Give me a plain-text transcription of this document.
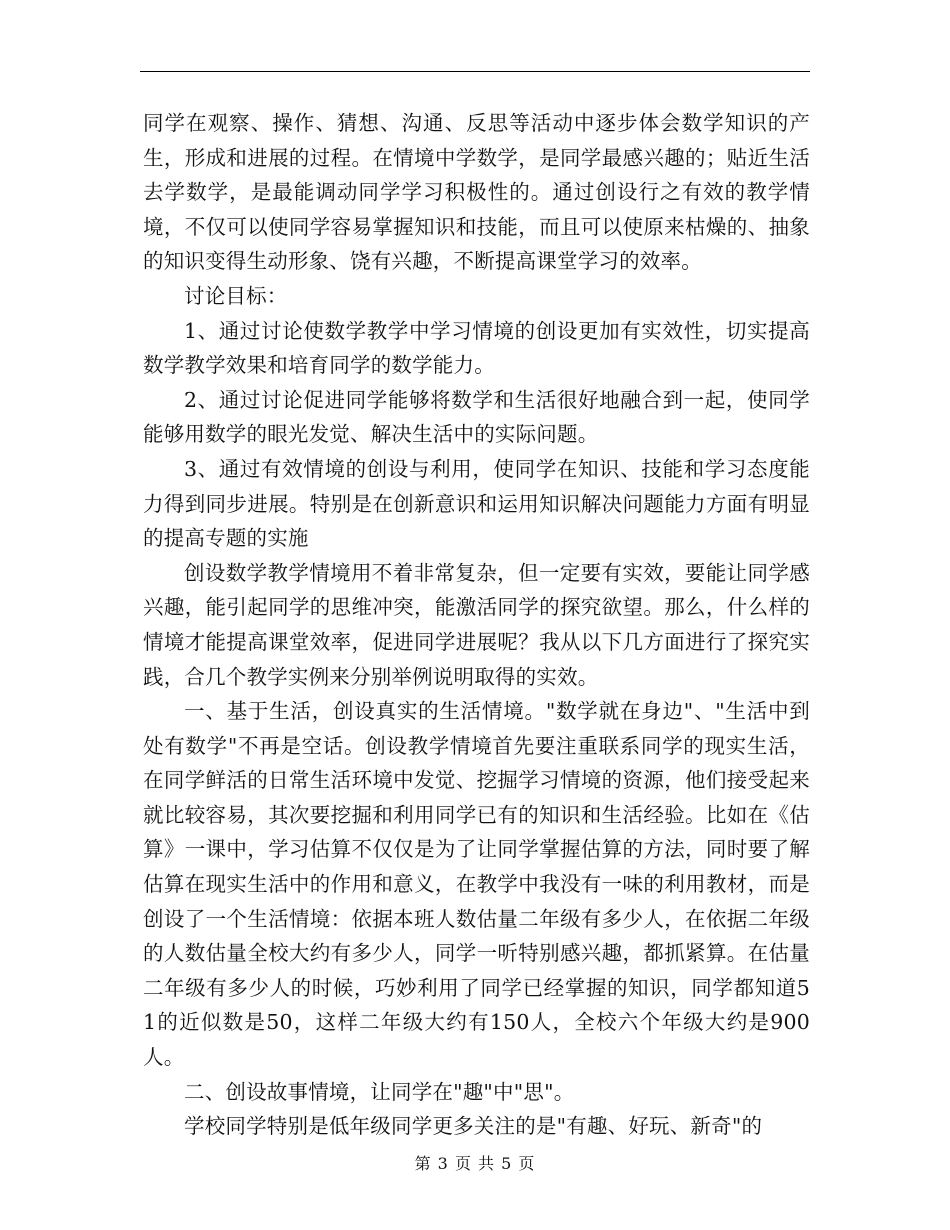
同学在观察、操作、猜想、沟通、反思等活动中逐步体会数学知识的产生，形成和进展的过程。在情境中学数学，是同学最感兴趣的；贴近生活去学数学，是最能调动同学学习积极性的。通过创设行之有效的教学情境，不仅可以使同学容易掌握知识和技能，而且可以使原来枯燥的、抽象的知识变得生动形象、饶有兴趣，不断提高课堂学习的效率。

讨论目标：

1、通过讨论使数学教学中学习情境的创设更加有实效性，切实提高数学教学效果和培育同学的数学能力。

2、通过讨论促进同学能够将数学和生活很好地融合到一起，使同学能够用数学的眼光发觉、解决生活中的实际问题。

3、通过有效情境的创设与利用，使同学在知识、技能和学习态度能力得到同步进展。特别是在创新意识和运用知识解决问题能力方面有明显的提高专题的实施

创设数学教学情境用不着非常复杂，但一定要有实效，要能让同学感兴趣，能引起同学的思维冲突，能激活同学的探究欲望。那么，什么样的情境才能提高课堂效率，促进同学进展呢？我从以下几方面进行了探究实践，合几个教学实例来分别举例说明取得的实效。

一、基于生活，创设真实的生活情境。"数学就在身边"、"生活中到处有数学"不再是空话。创设教学情境首先要注重联系同学的现实生活，在同学鲜活的日常生活环境中发觉、挖掘学习情境的资源，他们接受起来就比较容易，其次要挖掘和利用同学已有的知识和生活经验。比如在《估算》一课中，学习估算不仅仅是为了让同学掌握估算的方法，同时要了解估算在现实生活中的作用和意义，在教学中我没有一味的利用教材，而是创设了一个生活情境：依据本班人数估量二年级有多少人，在依据二年级的人数估量全校大约有多少人，同学一听特别感兴趣，都抓紧算。在估量二年级有多少人的时候，巧妙利用了同学已经掌握的知识，同学都知道51的近似数是50，这样二年级大约有150人，全校六个年级大约是900人。

二、创设故事情境，让同学在"趣"中"思"。

学校同学特别是低年级同学更多关注的是"有趣、好玩、新奇"的

第 3 页 共 5 页
